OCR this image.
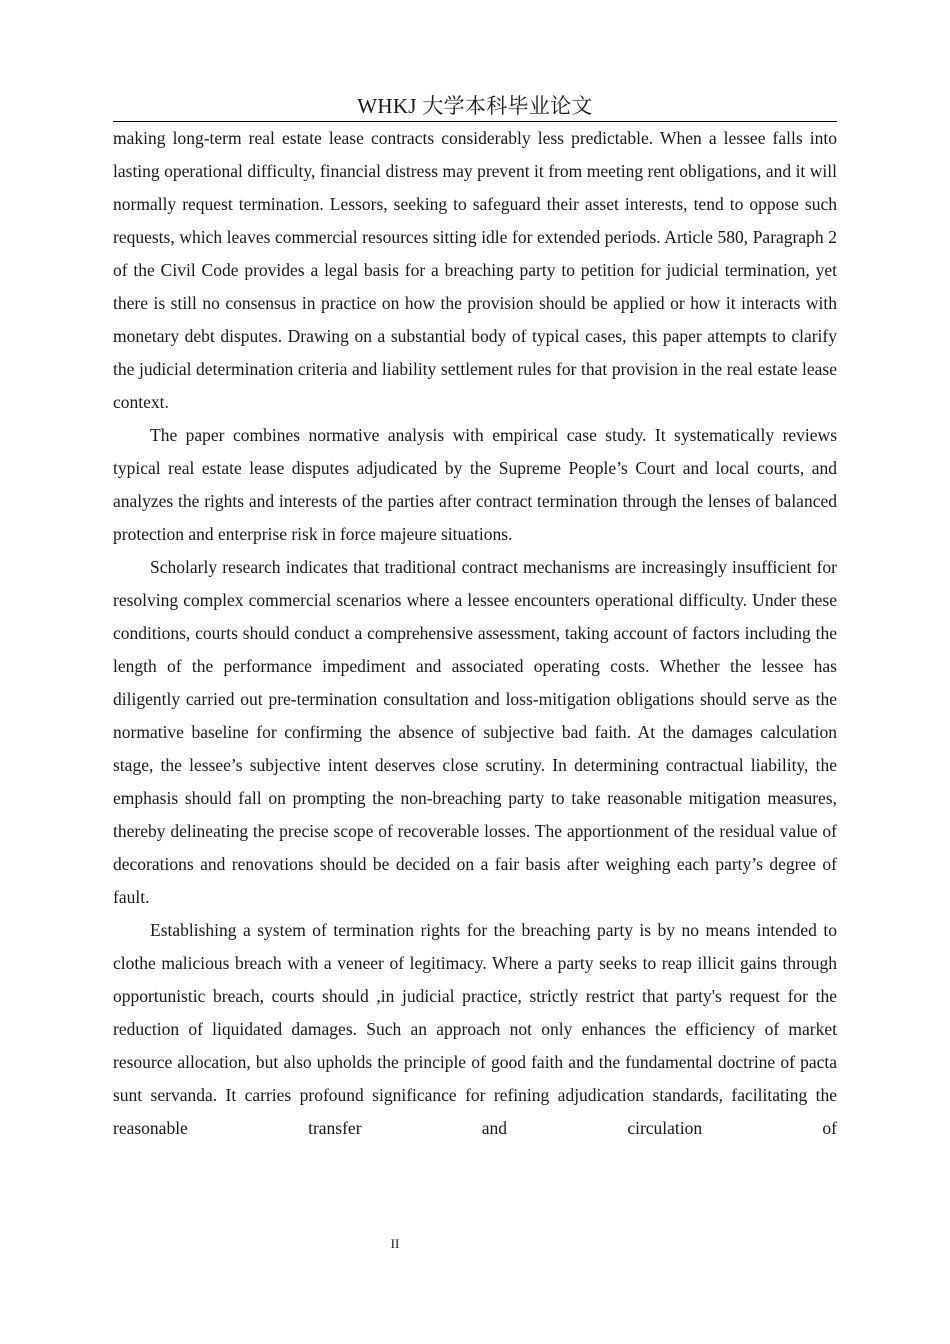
WHKJ 大学本科毕业论文

making long-term real estate lease contracts considerably less predictable. When a lessee falls into lasting operational difficulty, financial distress may prevent it from meeting rent obligations, and it will normally request termination. Lessors, seeking to safeguard their asset interests, tend to oppose such requests, which leaves commercial resources sitting idle for extended periods. Article 580, Paragraph 2 of the Civil Code provides a legal basis for a breaching party to petition for judicial termination, yet there is still no consensus in practice on how the provision should be applied or how it interacts with monetary debt disputes. Drawing on a substantial body of typical cases, this paper attempts to clarify the judicial determination criteria and liability settlement rules for that provision in the real estate lease context.

The paper combines normative analysis with empirical case study. It systematically reviews typical real estate lease disputes adjudicated by the Supreme People’s Court and local courts, and analyzes the rights and interests of the parties after contract termination through the lenses of balanced protection and enterprise risk in force majeure situations.

Scholarly research indicates that traditional contract mechanisms are increasingly insufficient for resolving complex commercial scenarios where a lessee encounters operational difficulty. Under these conditions, courts should conduct a comprehensive assessment, taking account of factors including the length of the performance impediment and associated operating costs. Whether the lessee has diligently carried out pre-termination consultation and loss-mitigation obligations should serve as the normative baseline for confirming the absence of subjective bad faith. At the damages calculation stage, the lessee’s subjective intent deserves close scrutiny. In determining contractual liability, the emphasis should fall on prompting the non-breaching party to take reasonable mitigation measures, thereby delineating the precise scope of recoverable losses. The apportionment of the residual value of decorations and renovations should be decided on a fair basis after weighing each party’s degree of fault.

Establishing a system of termination rights for the breaching party is by no means intended to clothe malicious breach with a veneer of legitimacy. Where a party seeks to reap illicit gains through opportunistic breach, courts should ,in judicial practice, strictly restrict that party's request for the reduction of liquidated damages. Such an approach not only enhances the efficiency of market resource allocation, but also upholds the principle of good faith and the fundamental doctrine of pacta sunt servanda. It carries profound significance for refining adjudication standards, facilitating the reasonable transfer and circulation of

II
